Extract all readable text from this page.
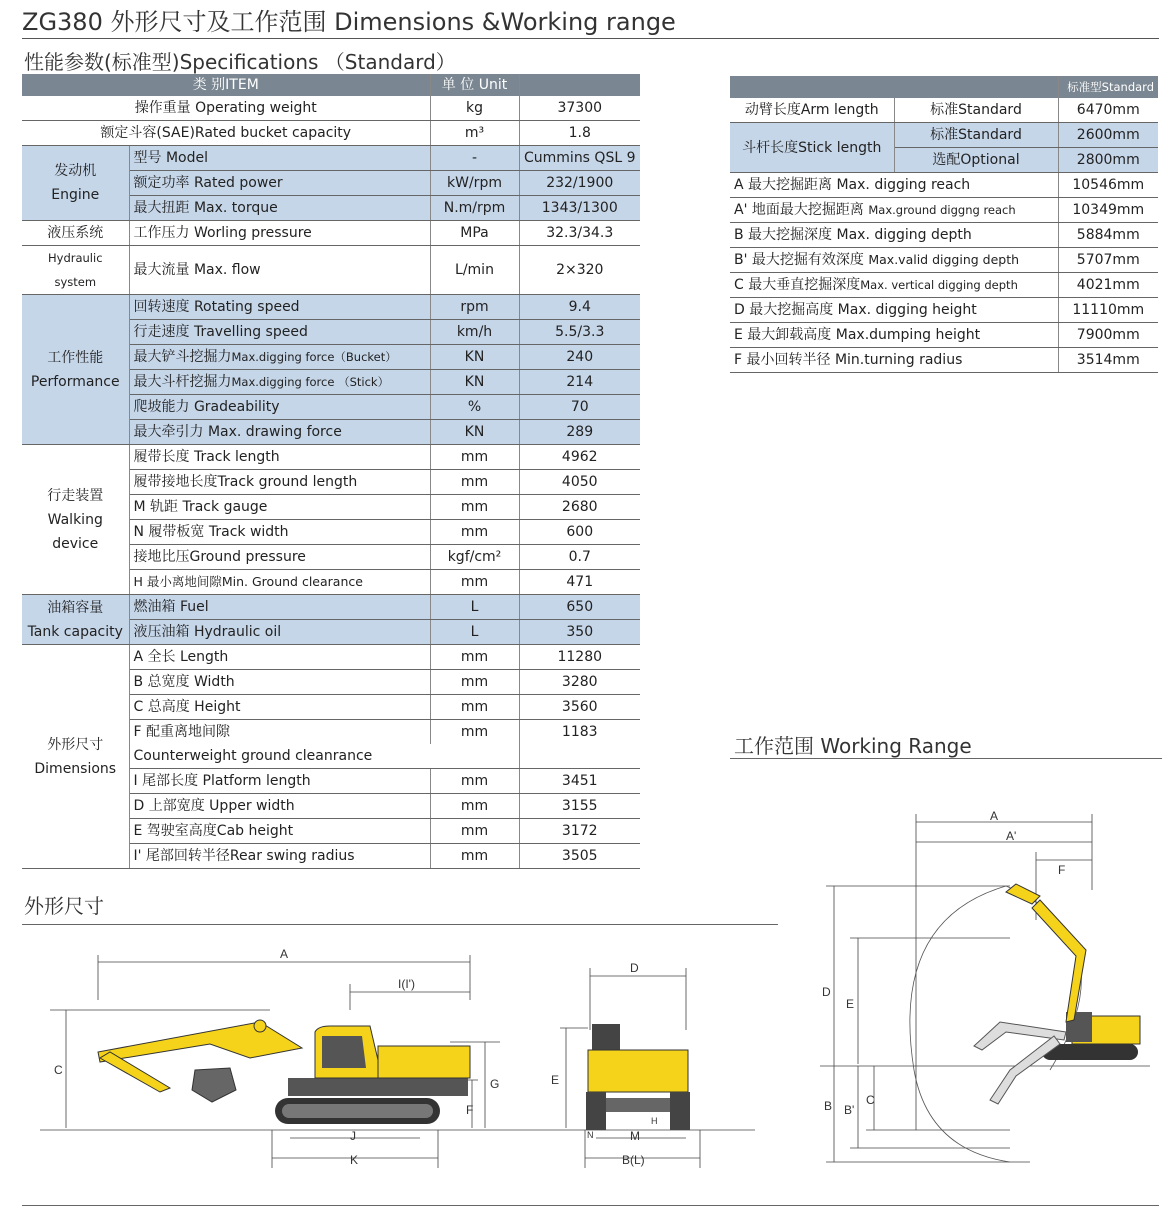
ZG380 外形尺寸及工作范围 Dimensions &Working range
性能参数(标准型)Specifications （Standard）
类 别ITEM		单 位 Unit	
操作重量 Operating weight		kg	37300
额定斗容(SAE)Rated bucket capacity		m³	1.8
发动机
Engine	型号 Model	-	Cummins QSL 9
	额定功率 Rated power	kW/rpm	232/1900
	最大扭距 Max. torque	N.m/rpm	1343/1300
液压系统	工作压力 Worling pressure	MPa	32.3/34.3
Hydraulic system	最大流量 Max. flow	L/min	2×320
工作性能
Performance	回转速度 Rotating speed	rpm	9.4
	行走速度 Travelling speed	km/h	5.5/3.3
	最大铲斗挖掘力Max.digging force（Bucket）	KN	240
	最大斗杆挖掘力Max.digging force （Stick）	KN	214
	爬坡能力 Gradeability	%	70
	最大牵引力 Max. drawing force	KN	289
行走装置
Walking device	履带长度 Track length	mm	4962
	履带接地长度Track ground length	mm	4050
	M 轨距 Track gauge	mm	2680
	N 履带板宽 Track width	mm	600
	接地比压Ground pressure	kgf/cm²	0.7
	H 最小离地间隙Min. Ground clearance	mm	471
油箱容量
Tank capacity	燃油箱 Fuel	L	650
	液压油箱 Hydraulic oil	L	350
外形尺寸
Dimensions	A 全长 Length	mm	11280
	B 总宽度 Width	mm	3280
	C 总高度 Height	mm	3560
	F 配重离地间隙	mm	1183
	Counterweight ground cleanrance		
	I 尾部长度 Platform length	mm	3451
	D 上部宽度 Upper width	mm	3155
	E 驾驶室高度Cab height	mm	3172
	I' 尾部回转半径Rear swing radius	mm	3505
		标准型Standard
动臂长度Arm length	标准Standard	6470mm
斗杆长度Stick length	标准Standard	2600mm
	选配Optional	2800mm
A 最大挖掘距离 Max. digging reach		10546mm
A' 地面最大挖掘距离 Max.ground diggng reach		10349mm
B 最大挖掘深度 Max. digging depth		5884mm
B' 最大挖掘有效深度 Max.valid digging depth		5707mm
C 最大垂直挖掘深度Max. vertical digging depth		4021mm
D 最大挖掘高度 Max. digging height		11110mm
E 最大卸载高度 Max.dumping height		7900mm
F 最小回转半径 Min.turning radius		3514mm
工作范围 Working Range
外形尺寸
A
I(I')
C
G
F
J
K
D
E
H
N	M
B(L)
A
A'
F
D
E
B B'
C
